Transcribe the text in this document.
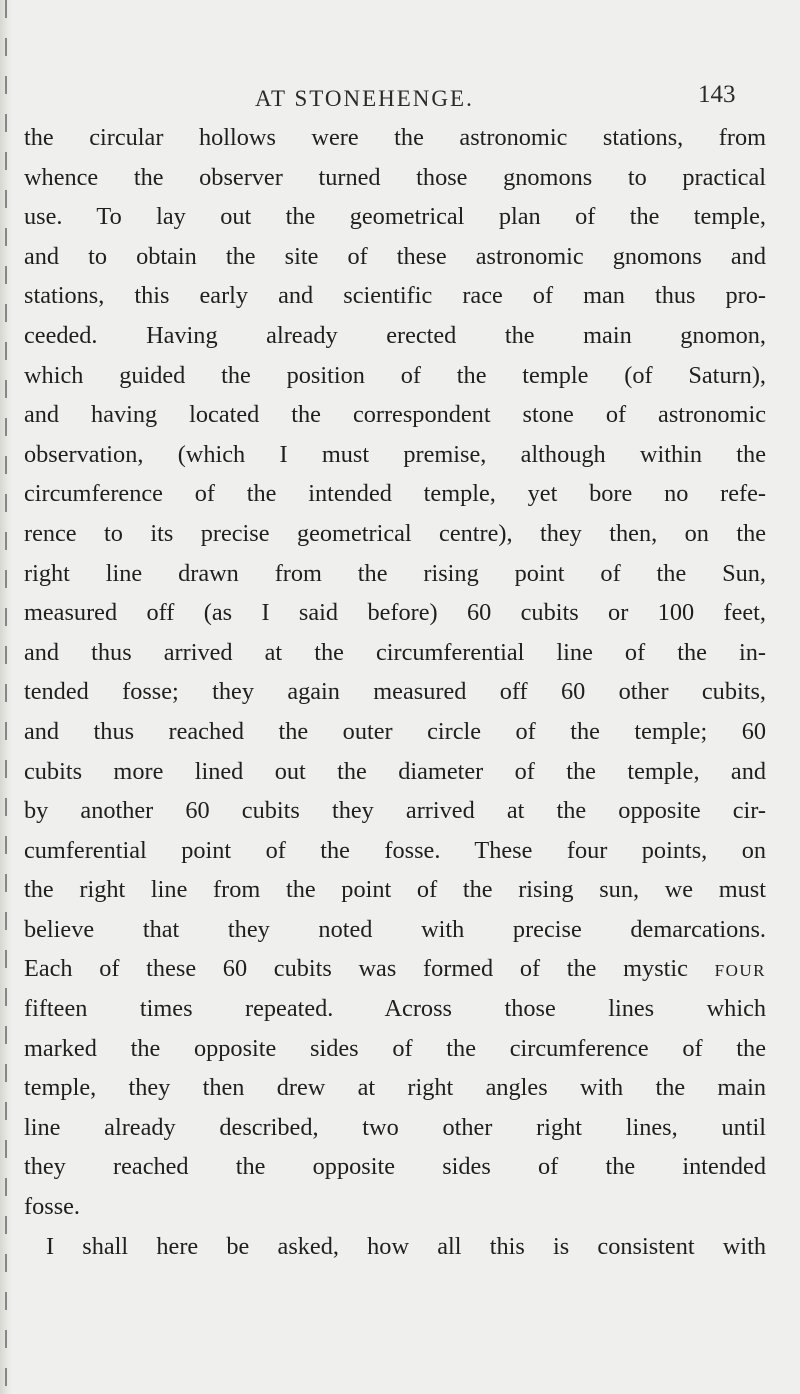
AT STONEHENGE.	143
the circular hollows were the astronomic stations, from
whence the observer turned those gnomons to practical
use. To lay out the geometrical plan of the temple,
and to obtain the site of these astronomic gnomons and
stations, this early and scientific race of man thus pro-
ceeded. Having already erected the main gnomon,
which guided the position of the temple (of Saturn),
and having located the correspondent stone of astronomic
observation, (which I must premise, although within the
circumference of the intended temple, yet bore no refe-
rence to its precise geometrical centre), they then, on the
right line drawn from the rising point of the Sun,
measured off (as I said before) 60 cubits or 100 feet,
and thus arrived at the circumferential line of the in-
tended fosse; they again measured off 60 other cubits,
and thus reached the outer circle of the temple; 60
cubits more lined out the diameter of the temple, and
by another 60 cubits they arrived at the opposite cir-
cumferential point of the fosse. These four points, on
the right line from the point of the rising sun, we must
believe that they noted with precise demarcations.
Each of these 60 cubits was formed of the mystic FOUR
fifteen times repeated. Across those lines which
marked the opposite sides of the circumference of the
temple, they then drew at right angles with the main
line already described, two other right lines, until
they reached the opposite sides of the intended
fosse.
I shall here be asked, how all this is consistent with
